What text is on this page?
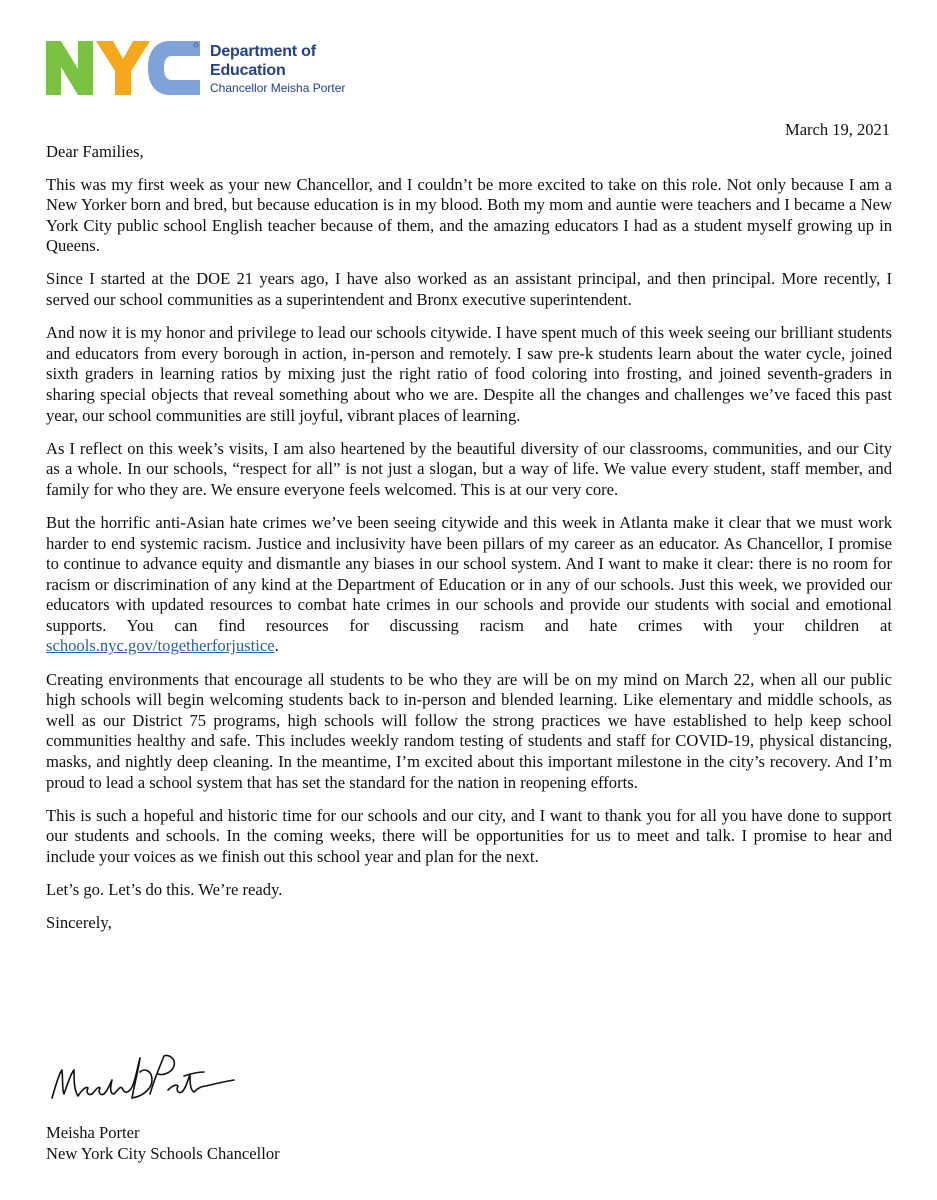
Department of
Education
Chancellor Meisha Porter
March 19, 2021

Dear Families,

This was my first week as your new Chancellor, and I couldn’t be more excited to take on this role. Not only because I am a New Yorker born and bred, but because education is in my blood. Both my mom and auntie were teachers and I became a New York City public school English teacher because of them, and the amazing educators I had as a student myself growing up in Queens.

Since I started at the DOE 21 years ago, I have also worked as an assistant principal, and then principal. More recently, I served our school communities as a superintendent and Bronx executive superintendent.

And now it is my honor and privilege to lead our schools citywide. I have spent much of this week seeing our brilliant students and educators from every borough in action, in-person and remotely. I saw pre-k students learn about the water cycle, joined sixth graders in learning ratios by mixing just the right ratio of food coloring into frosting, and joined seventh-graders in sharing special objects that reveal something about who we are. Despite all the changes and challenges we’ve faced this past year, our school communities are still joyful, vibrant places of learning.

As I reflect on this week’s visits, I am also heartened by the beautiful diversity of our classrooms, communities, and our City as a whole. In our schools, “respect for all” is not just a slogan, but a way of life. We value every student, staff member, and family for who they are. We ensure everyone feels welcomed. This is at our very core.

But the horrific anti-Asian hate crimes we’ve been seeing citywide and this week in Atlanta make it clear that we must work harder to end systemic racism. Justice and inclusivity have been pillars of my career as an educator. As Chancellor, I promise to continue to advance equity and dismantle any biases in our school system. And I want to make it clear: there is no room for racism or discrimination of any kind at the Department of Education or in any of our schools. Just this week, we provided our educators with updated resources to combat hate crimes in our schools and provide our students with social and emotional supports. You can find resources for discussing racism and hate crimes with your children at schools.nyc.gov/togetherforjustice.

Creating environments that encourage all students to be who they are will be on my mind on March 22, when all our public high schools will begin welcoming students back to in-person and blended learning. Like elementary and middle schools, as well as our District 75 programs, high schools will follow the strong practices we have established to help keep school communities healthy and safe. This includes weekly random testing of students and staff for COVID-19, physical distancing, masks, and nightly deep cleaning. In the meantime, I’m excited about this important milestone in the city’s recovery. And I’m proud to lead a school system that has set the standard for the nation in reopening efforts.

This is such a hopeful and historic time for our schools and our city, and I want to thank you for all you have done to support our students and schools. In the coming weeks, there will be opportunities for us to meet and talk. I promise to hear and include your voices as we finish out this school year and plan for the next.

Let’s go. Let’s do this. We’re ready.

Sincerely,

Meisha Porter
New York City Schools Chancellor
